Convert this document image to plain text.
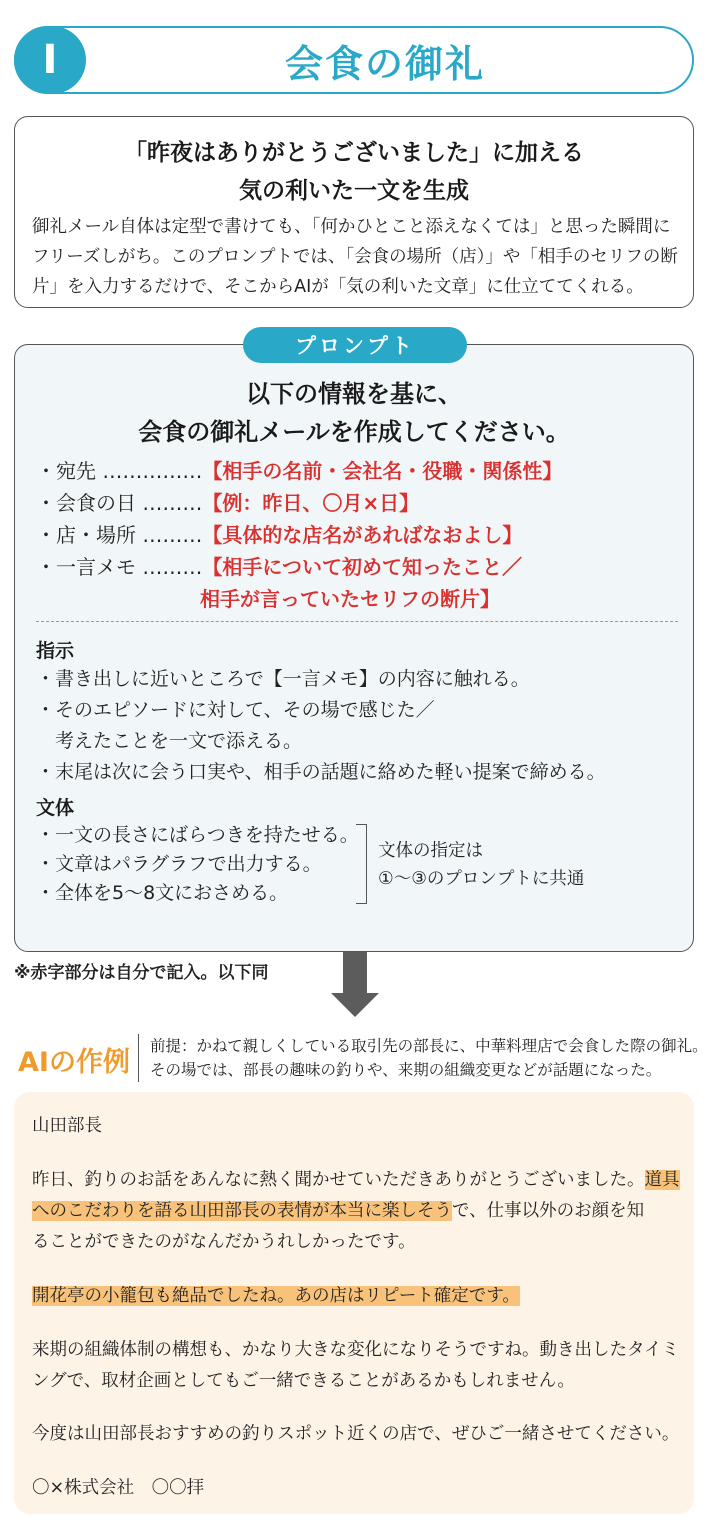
I	会食の御礼
「昨夜はありがとうございました」に加える
気の利いた一文を生成
御礼メール自体は定型で書けても、「何かひとこと添えなくては」と思った瞬間に
フリーズしがち。このプロンプトでは、「会食の場所（店）」や「相手のセリフの断
片」を入力するだけで、そこからAIが「気の利いた文章」に仕立ててくれる。
プロンプト
以下の情報を基に、
会食の御礼メールを作成してください。
・宛先 ……………【相手の名前・会社名・役職・関係性】
・会食の日 ………【例：昨日、〇月×日】
・店・場所 ………【具体的な店名があればなおよし】
・一言メモ ………【相手について初めて知ったこと／
相手が言っていたセリフの断片】
指示
・書き出しに近いところで【一言メモ】の内容に触れる。
・そのエピソードに対して、その場で感じた／
　考えたことを一文で添える。
・末尾は次に会う口実や、相手の話題に絡めた軽い提案で締める。
文体
・一文の長さにばらつきを持たせる。
・文章はパラグラフで出力する。
・全体を5〜8文におさめる。
文体の指定は
①〜③のプロンプトに共通
※赤字部分は自分で記入。以下同
AIの作例
前提：かねて親しくしている取引先の部長に、中華料理店で会食した際の御礼。
その場では、部長の趣味の釣りや、来期の組織変更などが話題になった。
山田部長
昨日、釣りのお話をあんなに熱く聞かせていただきありがとうございました。道具
へのこだわりを語る山田部長の表情が本当に楽しそうで、仕事以外のお顔を知
ることができたのがなんだかうれしかったです。
開花亭の小籠包も絶品でしたね。あの店はリピート確定です。
来期の組織体制の構想も、かなり大きな変化になりそうですね。動き出したタイミ
ングで、取材企画としてもご一緒できることがあるかもしれません。
今度は山田部長おすすめの釣りスポット近くの店で、ぜひご一緒させてください。
〇×株式会社　〇〇拝
